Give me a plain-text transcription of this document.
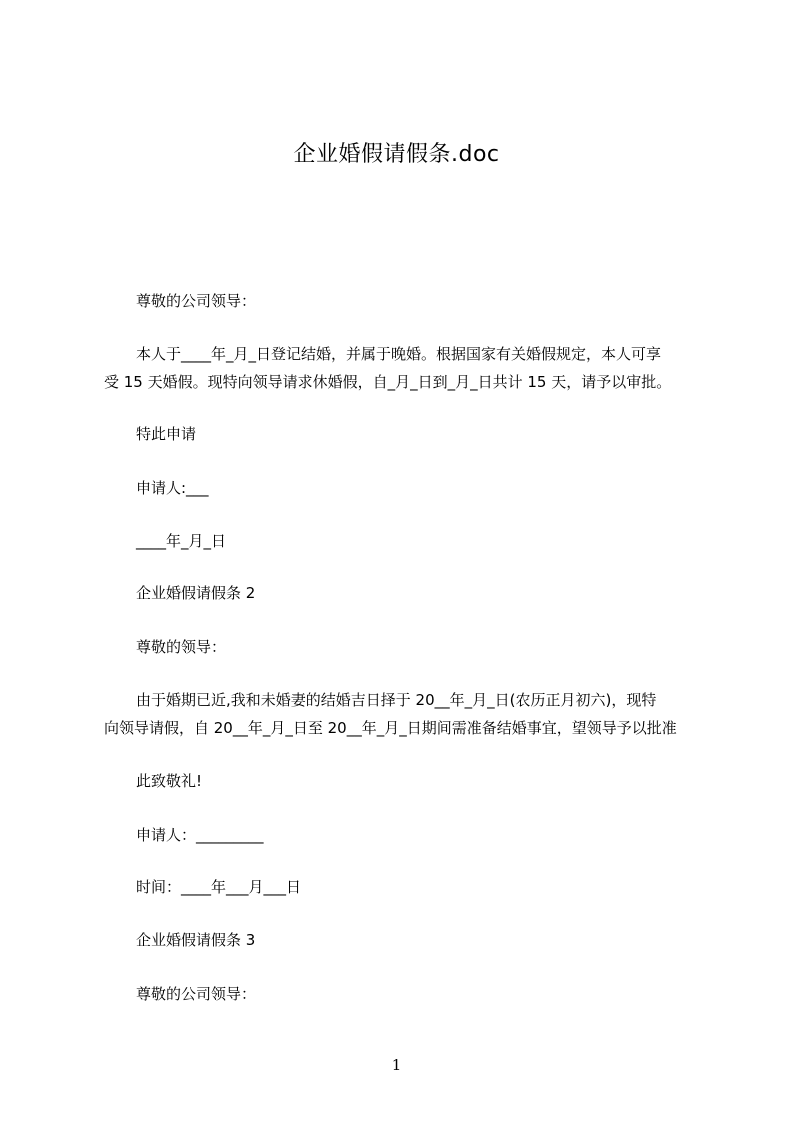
企业婚假请假条.doc
尊敬的公司领导：
本人于____年_月_日登记结婚，并属于晚婚。根据国家有关婚假规定，本人可享
受 15 天婚假。现特向领导请求休婚假，自_月_日到_月_日共计 15 天，请予以审批。
特此申请
申请人:___
____年_月_日
企业婚假请假条 2
尊敬的领导：
由于婚期已近,我和未婚妻的结婚吉日择于 20__年_月_日(农历正月初六)，现特
向领导请假，自 20__年_月_日至 20__年_月_日期间需准备结婚事宜，望领导予以批准
此致敬礼!
申请人：_________
时间：____年___月___日
企业婚假请假条 3
尊敬的公司领导：
1
